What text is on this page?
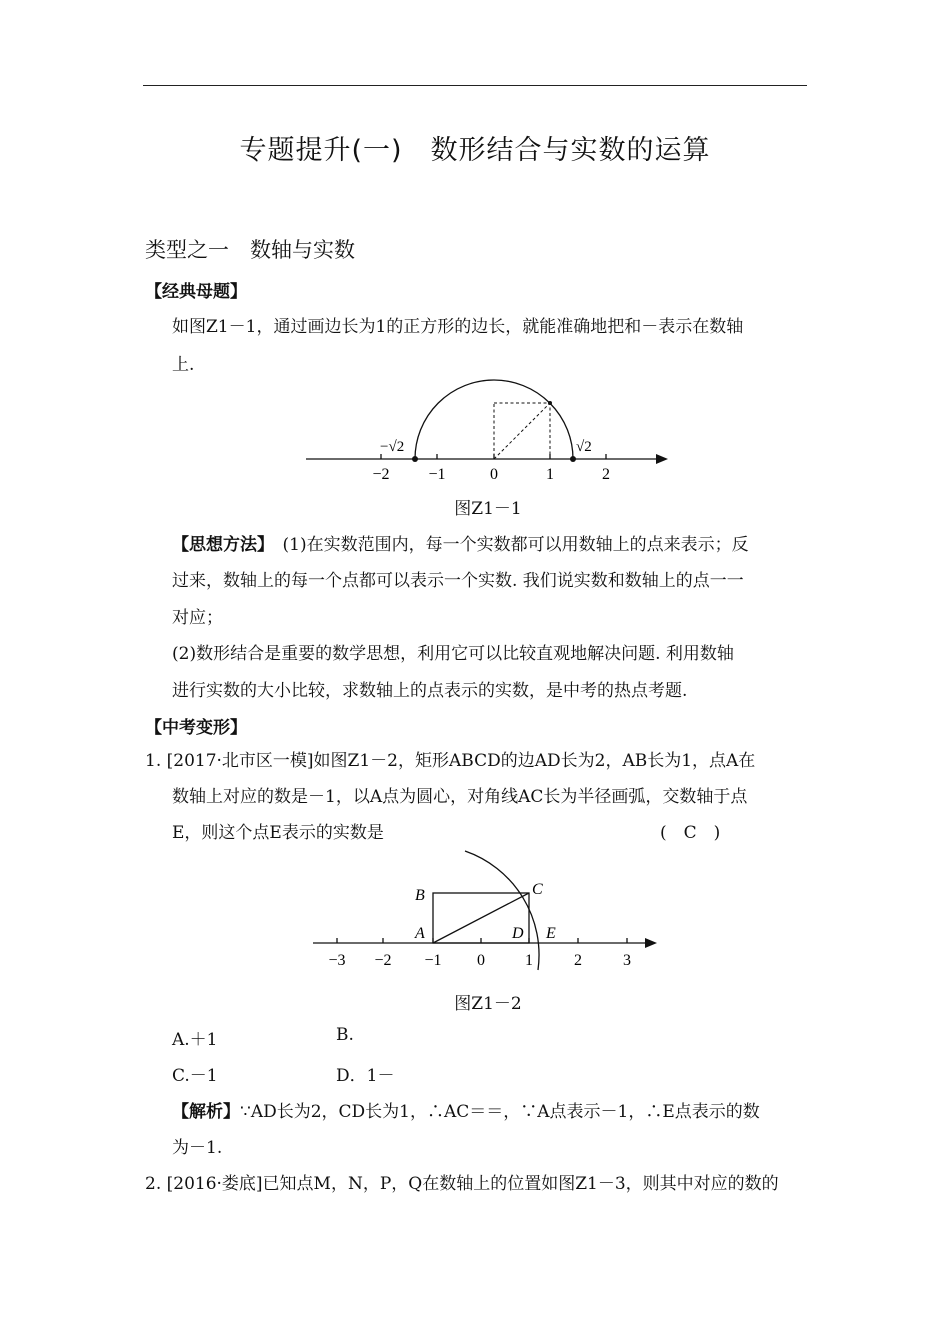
专题提升(一)　数形结合与实数的运算
类型之一　数轴与实数
【经典母题】
如图Z1－1，通过画边长为1的正方形的边长，就能准确地把和－表示在数轴
上.
−√2	√2
−2 −1	0	1	2
图Z1－1
【思想方法】　 (1)在实数范围内，每一个实数都可以用数轴上的点来表示；反
过来，数轴上的每一个点都可以表示一个实数. 我们说实数和数轴上的点一一
对应；
(2)数形结合是重要的数学思想，利用它可以比较直观地解决问题. 利用数轴
进行实数的大小比较，求数轴上的点表示的实数，是中考的热点考题.
【中考变形】
1. [2017·北市区一模]如图Z1－2，矩形ABCD的边AD长为2，AB长为1，点A在
数轴上对应的数是－1，以A点为圆心，对角线AC长为半径画弧，交数轴于点
E，则这个点E表示的实数是	(　C　)
B	C
A	D E
−3 −2 −1 0	1	2	3
图Z1－2
A.＋1	B.
C.－1	D．1－
【解析】∵AD长为2，CD长为1，∴AC＝＝，∵A点表示－1，∴E点表示的数
为－1.
2. [2016·娄底]已知点M，N，P，Q在数轴上的位置如图Z1－3，则其中对应的数的
